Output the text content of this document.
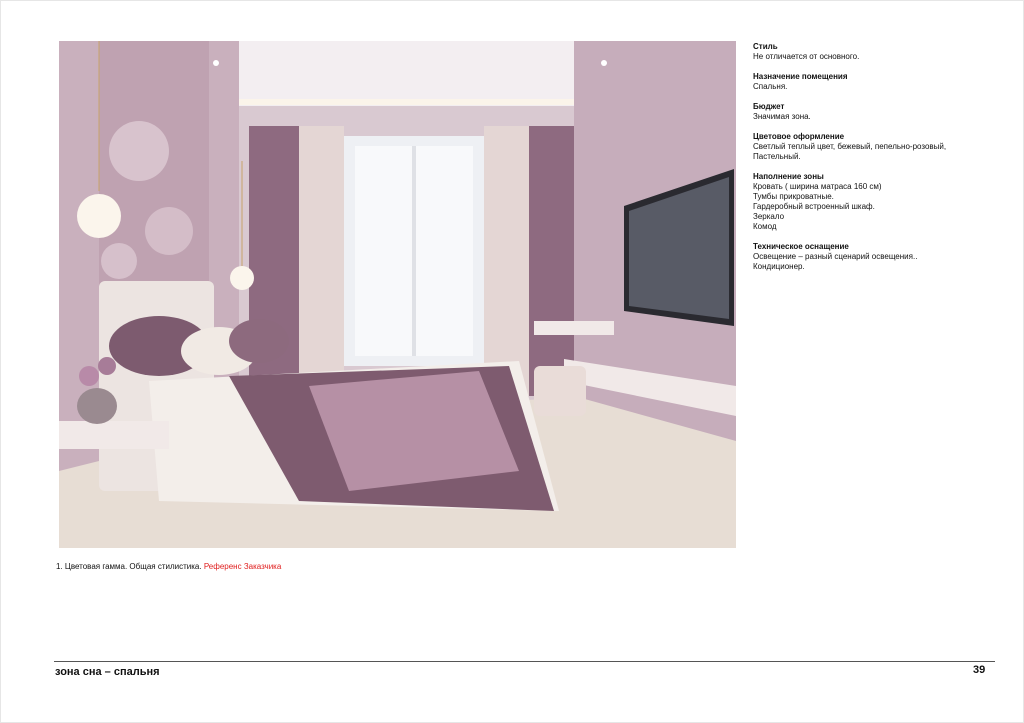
Стиль
Не отличается от основного.
Назначение помещения
Спальня.
Бюджет
Значимая зона.
Цветовое оформление
Светлый теплый цвет, бежевый, пепельно-розовый,
Пастельный.
Наполнение зоны
Кровать ( ширина матраса 160 см)
Тумбы прикроватные.
Гардеробный встроенный шкаф.
Зеркало
Комод
Техническое оснащение
Освещение – разный сценарий освещения..
Кондиционер.
1. Цветовая гамма. Общая стилистика. Референс Заказчика
зона сна – спальня	39
